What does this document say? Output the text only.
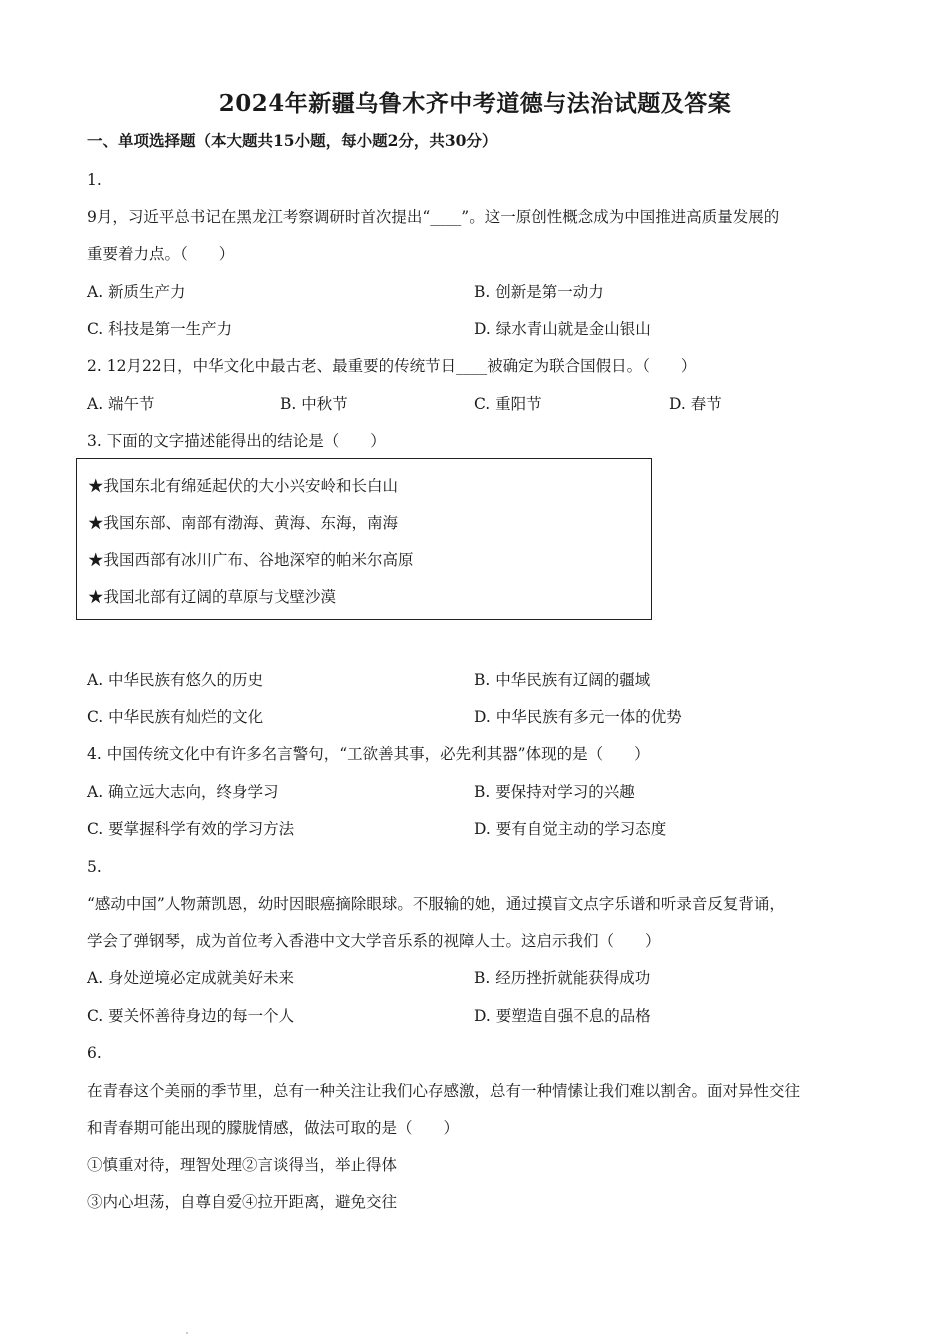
2024年新疆乌鲁木齐中考道德与法治试题及答案
一、单项选择题（本大题共15小题，每小题2分，共30分）
1.
9月，习近平总书记在黑龙江考察调研时首次提出“____”。这一原创性概念成为中国推进高质量发展的
重要着力点。（　　）
A. 新质生产力	B. 创新是第一动力
C. 科技是第一生产力	D. 绿水青山就是金山银山
2. 12月22日，中华文化中最古老、最重要的传统节日____被确定为联合国假日。（　　）
A. 端午节	B. 中秋节	C. 重阳节	D. 春节
3. 下面的文字描述能得出的结论是（　　）
★我国东北有绵延起伏的大小兴安岭和长白山
★我国东部、南部有渤海、黄海、东海，南海
★我国西部有冰川广布、谷地深窄的帕米尔高原
★我国北部有辽阔的草原与戈壁沙漠
A. 中华民族有悠久的历史	B. 中华民族有辽阔的疆域
C. 中华民族有灿烂的文化	D. 中华民族有多元一体的优势
4. 中国传统文化中有许多名言警句，“工欲善其事，必先利其器”体现的是（　　）
A. 确立远大志向，终身学习	B. 要保持对学习的兴趣
C. 要掌握科学有效的学习方法	D. 要有自觉主动的学习态度
5.
“感动中国”人物萧凯恩，幼时因眼癌摘除眼球。不服输的她，通过摸盲文点字乐谱和听录音反复背诵，
学会了弹钢琴，成为首位考入香港中文大学音乐系的视障人士。这启示我们（　　）
A. 身处逆境必定成就美好未来	B. 经历挫折就能获得成功
C. 要关怀善待身边的每一个人	D. 要塑造自强不息的品格
6.
在青春这个美丽的季节里，总有一种关注让我们心存感激，总有一种情愫让我们难以割舍。面对异性交往
和青春期可能出现的朦胧情感，做法可取的是（　　）
①慎重对待，理智处理②言谈得当，举止得体
③内心坦荡，自尊自爱④拉开距离，避免交往
